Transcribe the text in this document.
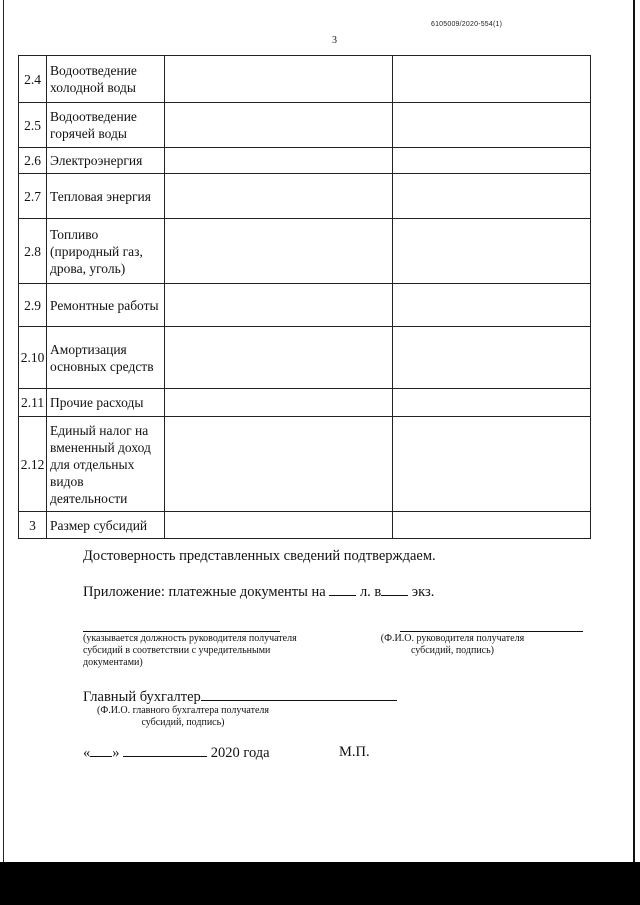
6105009/2020-554(1)
3
2.4	Водоотведение холодной воды		
2.5	Водоотведение горячей воды		
2.6	Электроэнергия		
2.7	Тепловая энергия		
2.8	Топливо (природный газ, дрова, уголь)		
2.9	Ремонтные работы		
2.10	Амортизация основных средств		
2.11	Прочие расходы		
2.12	Единый налог на вмененный доход для отдельных видов деятельности		
3	Размер субсидий		
Достоверность представленных сведений подтверждаем.
Приложение: платежные документы на л. в экз.
(указывается должность руководителя получателя субсидий в соответствии с учредительными документами)
(Ф.И.О. руководителя получателя субсидий, подпись)
Главный бухгалтер
(Ф.И.О. главного бухгалтера получателя субсидий, подпись)
« »	2020 года	М.П.
